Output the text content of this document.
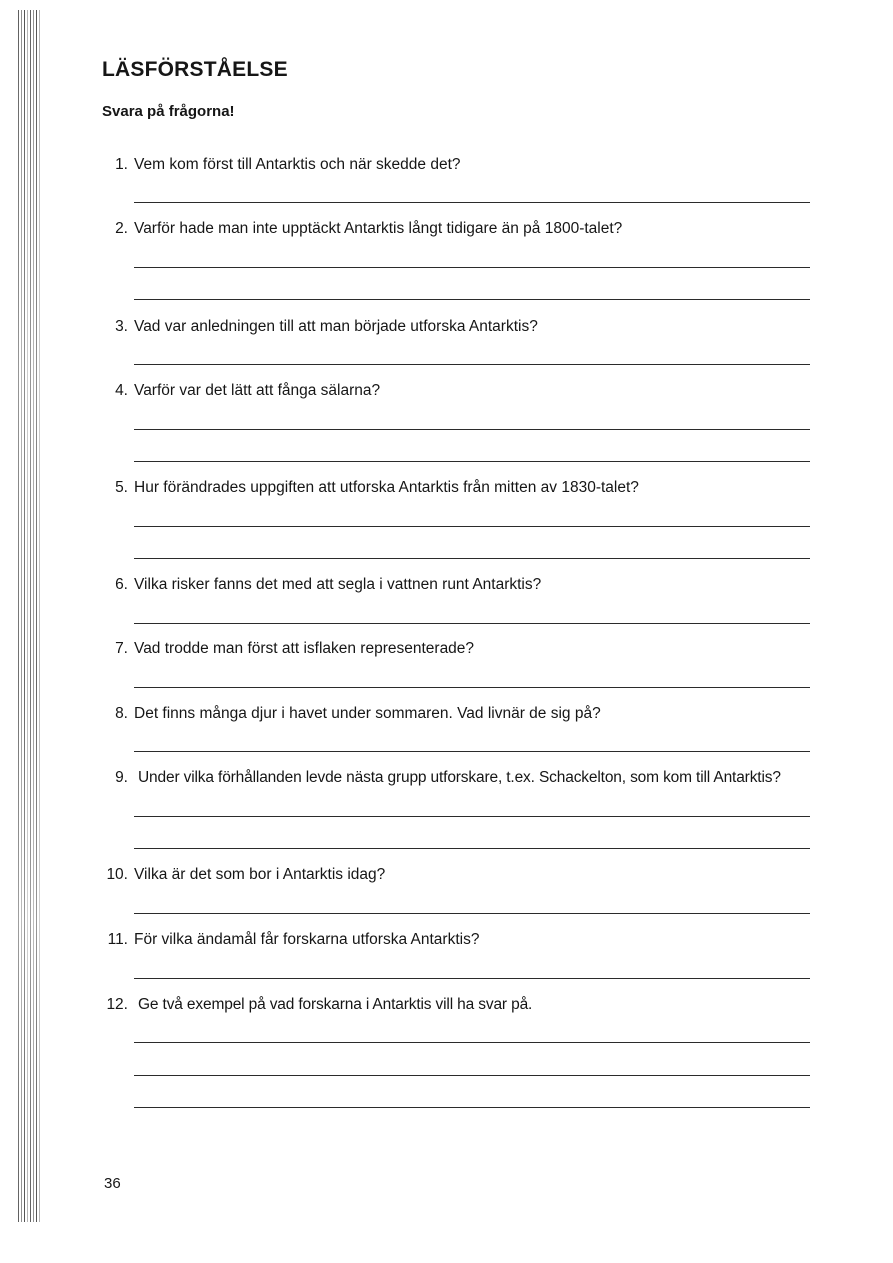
LÄSFÖRSTÅELSE

Svara på frågorna!

1. Vem kom först till Antarktis och när skedde det?
2. Varför hade man inte upptäckt Antarktis långt tidigare än på 1800-talet?
3. Vad var anledningen till att man började utforska Antarktis?
4. Varför var det lätt att fånga sälarna?
5. Hur förändrades uppgiften att utforska Antarktis från mitten av 1830-talet?
6. Vilka risker fanns det med att segla i vattnen runt Antarktis?
7. Vad trodde man först att isflaken representerade?
8. Det finns många djur i havet under sommaren. Vad livnär de sig på?
9. Under vilka förhållanden levde nästa grupp utforskare, t.ex. Schackelton, som kom till Antarktis?
10. Vilka är det som bor i Antarktis idag?
11. För vilka ändamål får forskarna utforska Antarktis?
12. Ge två exempel på vad forskarna i Antarktis vill ha svar på.
36
